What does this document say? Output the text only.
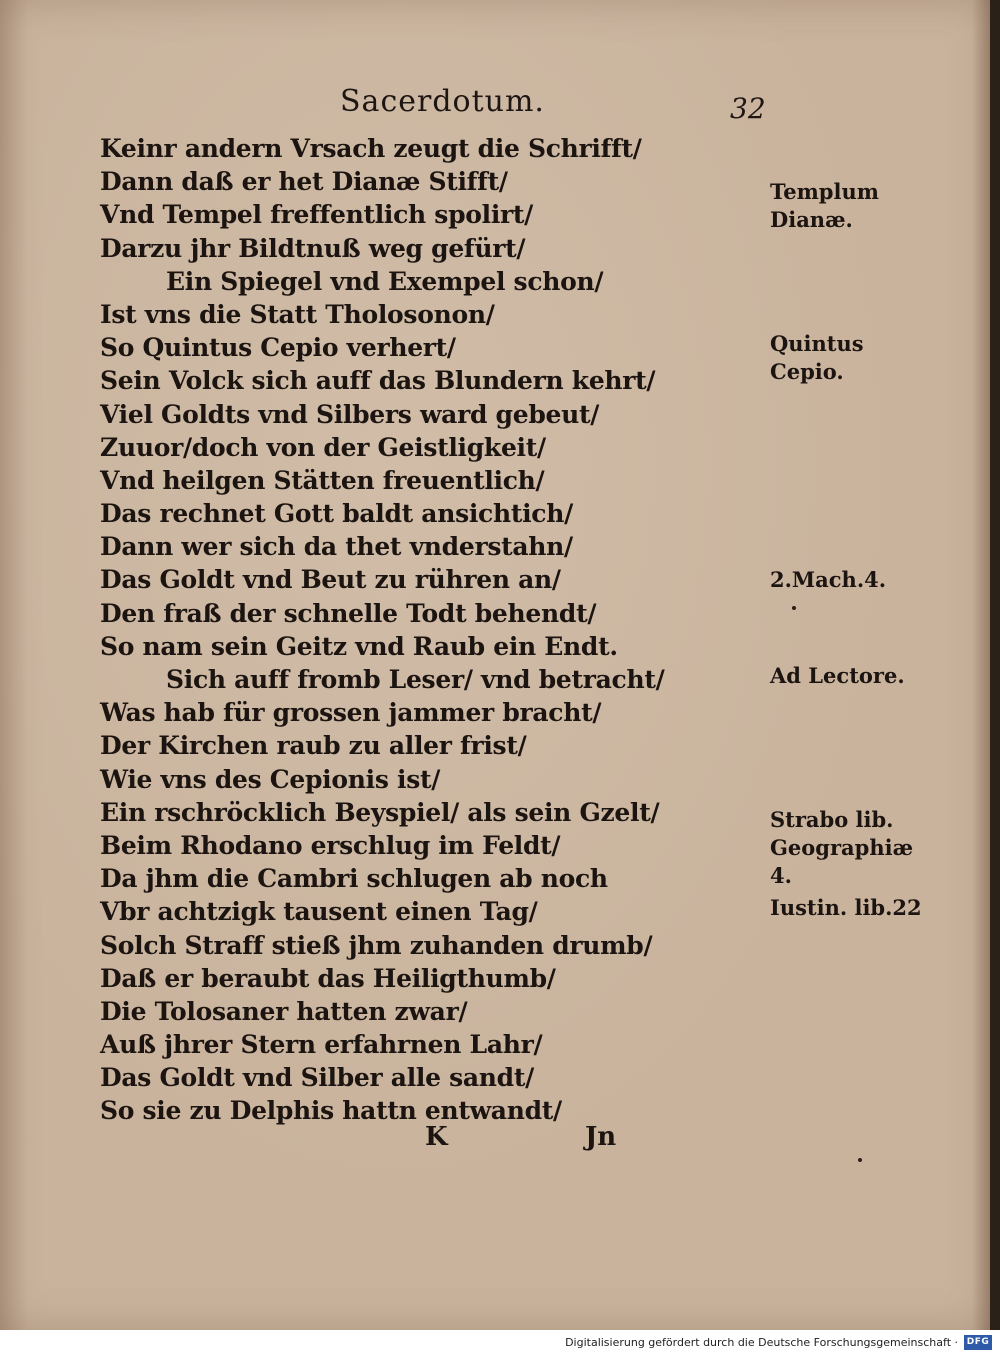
Sacerdotum.	32
Keinr andern Vrsach zeugt die Schrifft/
Dann daß er het Dianæ Stifft/
Vnd Tempel freffentlich spolirt/
Darzu jhr Bildtnuß weg gefürt/
Ein Spiegel vnd Exempel schon/
Ist vns die Statt Tholosonon/
So Quintus Cepio verhert/
Sein Volck sich auff das Blundern kehrt/
Viel Goldts vnd Silbers ward gebeut/
Zuuor/doch von der Geistligkeit/
Vnd heilgen Stätten freuentlich/
Das rechnet Gott baldt ansichtich/
Dann wer sich da thet vnderstahn/
Das Goldt vnd Beut zu rühren an/
Den fraß der schnelle Todt behendt/
So nam sein Geitz vnd Raub ein Endt.
Sich auff fromb Leser/ vnd betracht/
Was hab für grossen jammer bracht/
Der Kirchen raub zu aller frist/
Wie vns des Cepionis ist/
Ein rschröcklich Beyspiel/ als sein Gzelt/
Beim Rhodano erschlug im Feldt/
Da jhm die Cambri schlugen ab noch
Vbr achtzigk tausent einen Tag/
Solch Straff stieß jhm zuhanden drumb/
Daß er beraubt das Heiligthumb/
Die Tolosaner hatten zwar/
Auß jhrer Stern erfahrnen Lahr/
Das Goldt vnd Silber alle sandt/
So sie zu Delphis hattn entwandt/
Templum
Dianæ.
Quintus
Cepio.
2.Mach.4.
Ad Lectore.
Strabo lib.
Geographiæ
4.
Iustin. lib.22
K	Jn
Digitalisierung gefördert durch die Deutsche Forschungsgemeinschaft · DFG
